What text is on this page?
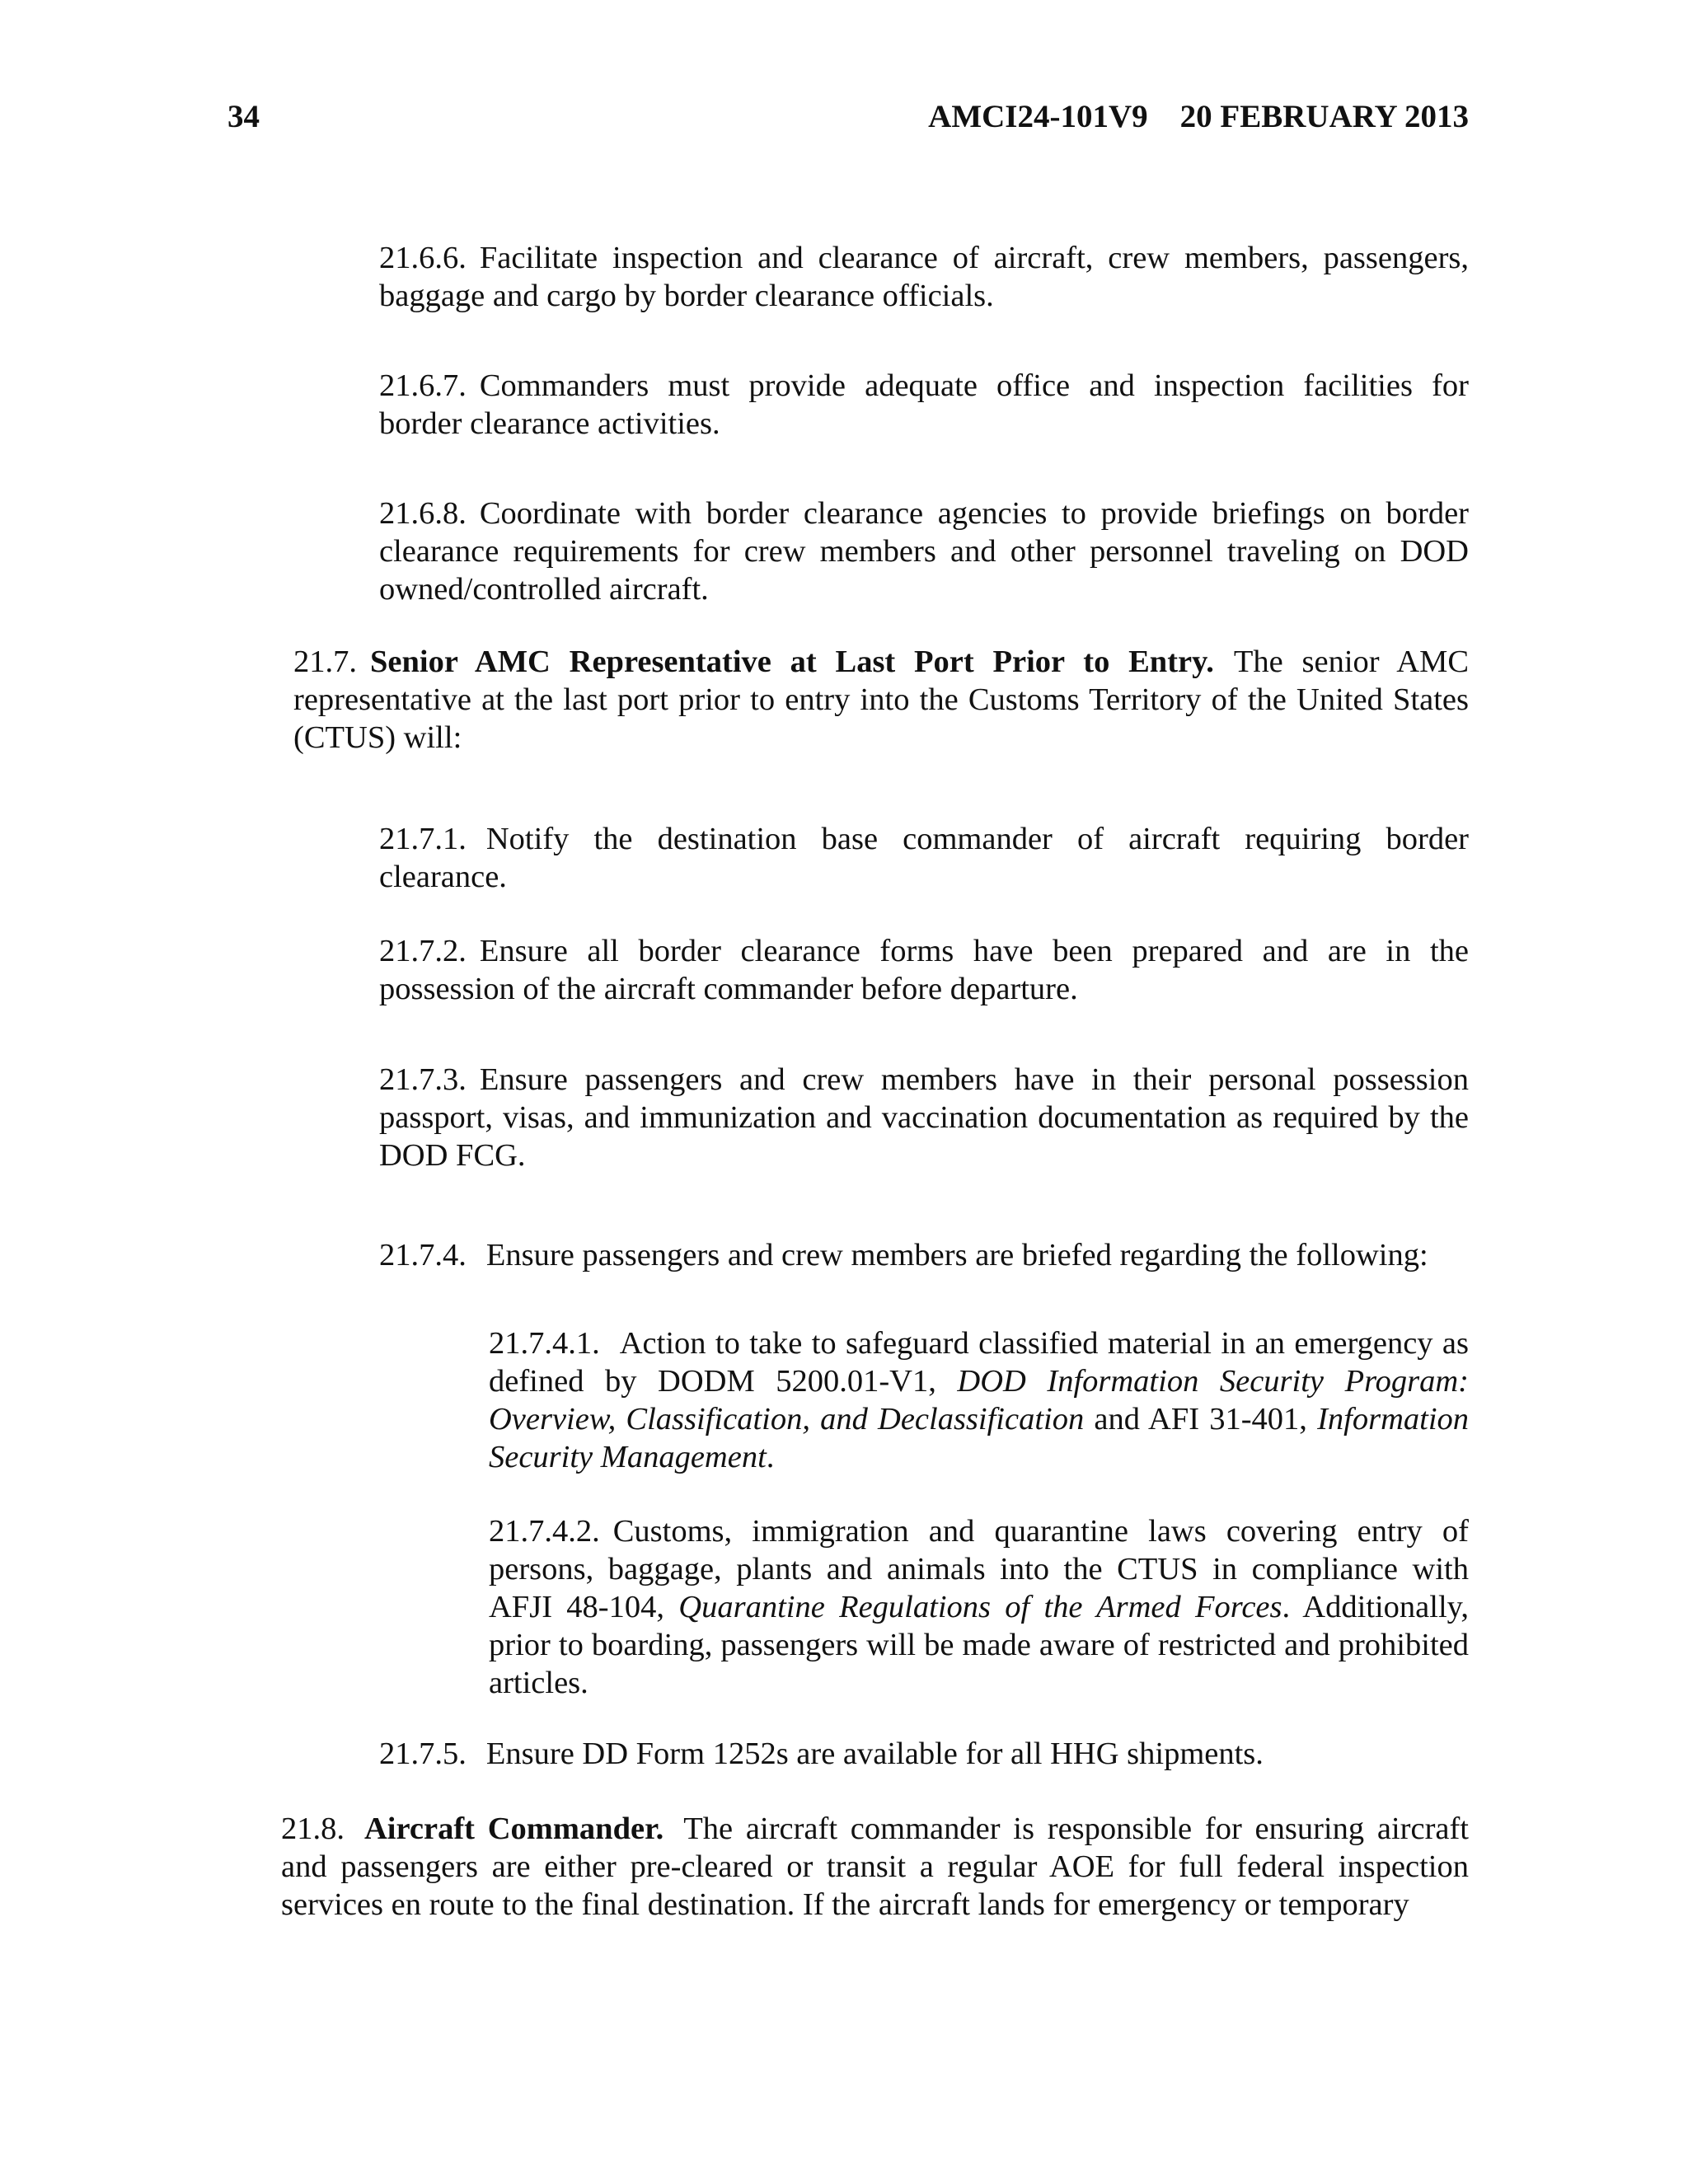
34	AMCI24-101V9    20 FEBRUARY 2013

21.6.6. Facilitate inspection and clearance of aircraft, crew members, passengers, baggage and cargo by border clearance officials.

21.6.7. Commanders must provide adequate office and inspection facilities for border clearance activities.

21.6.8. Coordinate with border clearance agencies to provide briefings on border clearance requirements for crew members and other personnel traveling on DOD owned/controlled aircraft.

21.7. Senior AMC Representative at Last Port Prior to Entry. The senior AMC representative at the last port prior to entry into the Customs Territory of the United States (CTUS) will:

21.7.1. Notify the destination base commander of aircraft requiring border clearance.

21.7.2. Ensure all border clearance forms have been prepared and are in the possession of the aircraft commander before departure.

21.7.3. Ensure passengers and crew members have in their personal possession passport, visas, and immunization and vaccination documentation as required by the DOD FCG.

21.7.4. Ensure passengers and crew members are briefed regarding the following:

21.7.4.1. Action to take to safeguard classified material in an emergency as defined by DODM 5200.01-V1, DOD Information Security Program: Overview, Classification, and Declassification and AFI 31-401, Information Security Management.

21.7.4.2. Customs, immigration and quarantine laws covering entry of persons, baggage, plants and animals into the CTUS in compliance with AFJI 48-104, Quarantine Regulations of the Armed Forces. Additionally, prior to boarding, passengers will be made aware of restricted and prohibited articles.

21.7.5. Ensure DD Form 1252s are available for all HHG shipments.

21.8. Aircraft Commander. The aircraft commander is responsible for ensuring aircraft and passengers are either pre-cleared or transit a regular AOE for full federal inspection services en route to the final destination. If the aircraft lands for emergency or temporary
